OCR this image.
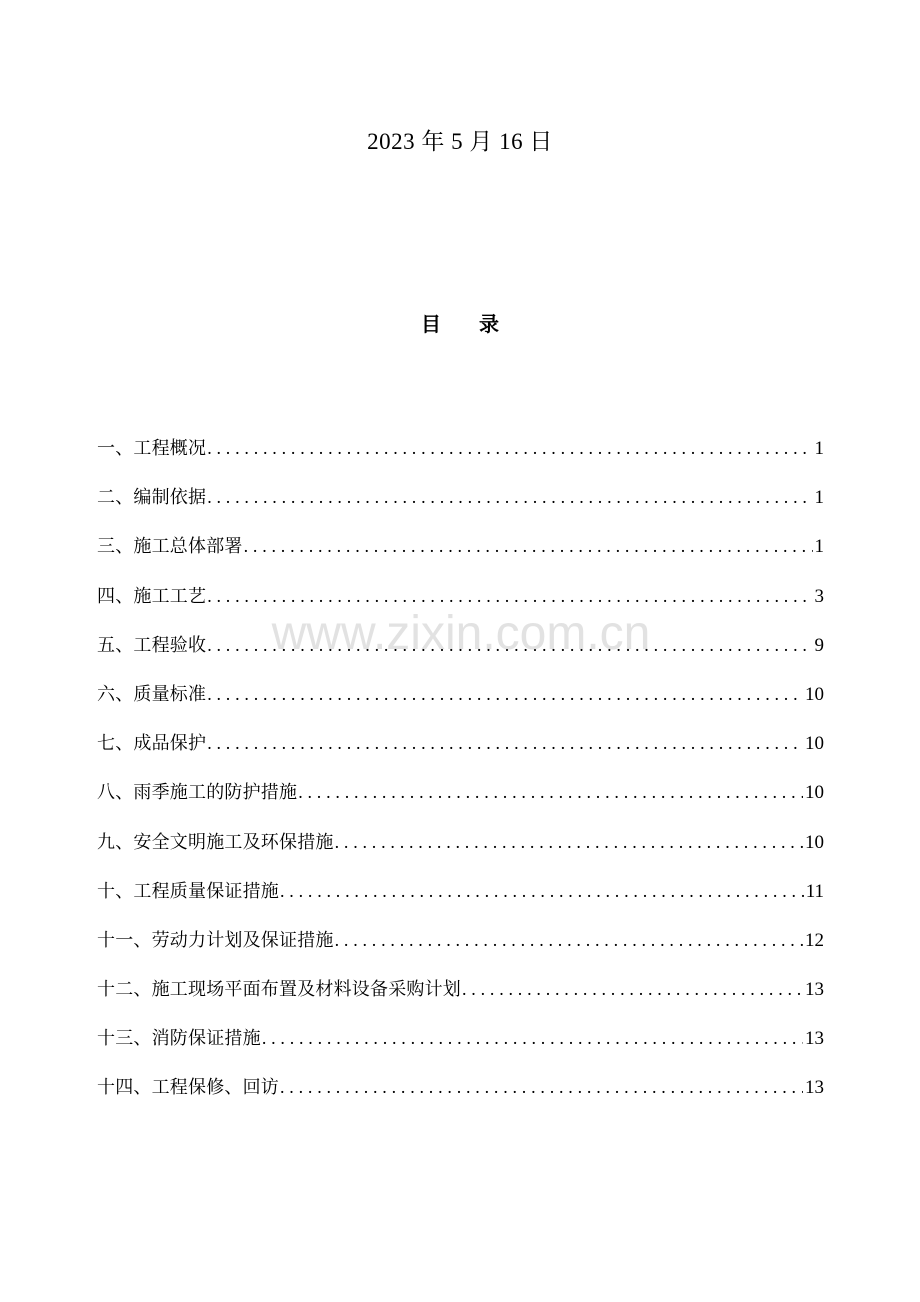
2023 年 5 月 16 日
目 录
一、工程概况 .....	1
二、编制依据 .....	1
三、施工总体部署 .....	1
四、施工工艺 .....	3
五、工程验收 .....	9
六、质量标准 .....	10
七、成品保护 .....	10
八、雨季施工的防护措施 .....	10
九、安全文明施工及环保措施 .....	10
十、工程质量保证措施 .....	11
十一、劳动力计划及保证措施 .....	12
十二、施工现场平面布置及材料设备采购计划 .....	13
十三、消防保证措施 .....	13
十四、工程保修、回访 .....	13
www.zixin.com.cn
